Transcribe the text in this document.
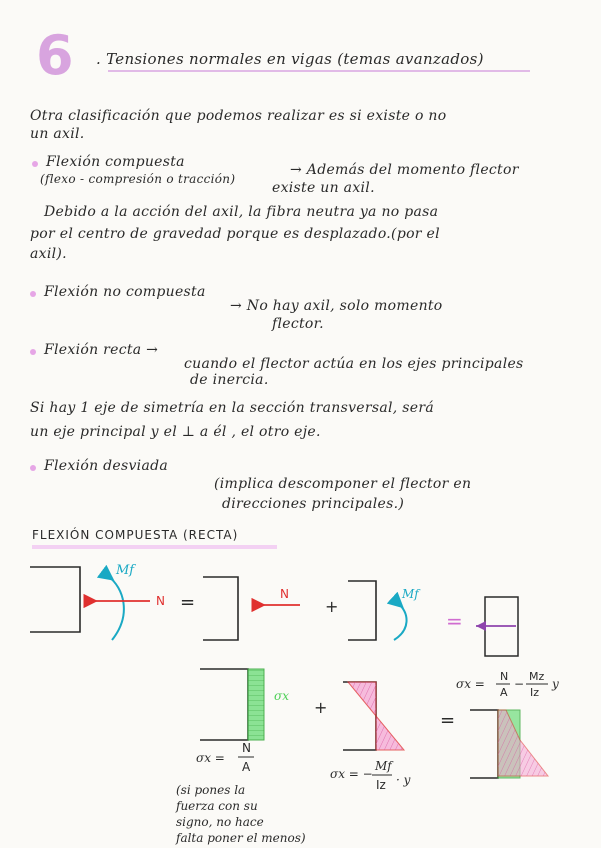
6 . Tensiones normales en vigas (temas avanzados)
Otra clasificación que podemos realizar es si existe o no
un axil.
Flexión compuesta	→ Además del momento flector
(flexo - compresión o tracción)
existe un axil.
Debido a la acción del axil, la fibra neutra ya no pasa
por el centro de gravedad porque es desplazado.(por el
axil).
Flexión no compuesta
→ No hay axil, solo momento
flector.
Flexión recta →
cuando el flector actúa en los ejes principales
de inercia.
Si hay 1 eje de simetría en la sección transversal, será
un eje principal y el ⊥ a él , el otro eje.
Flexión desviada
(implica descomponer el flector en
direcciones principales.)
FLEXIÓN COMPUESTA (RECTA)
Mf
N =	N
+
Mf
=
σx
+
=
σx =
N
A
−
Mz
Iz
y
σx =
N
A	σx = −
Mf
Iz · y
(si pones la
fuerza con su
signo, no hace
falta poner el menos)
